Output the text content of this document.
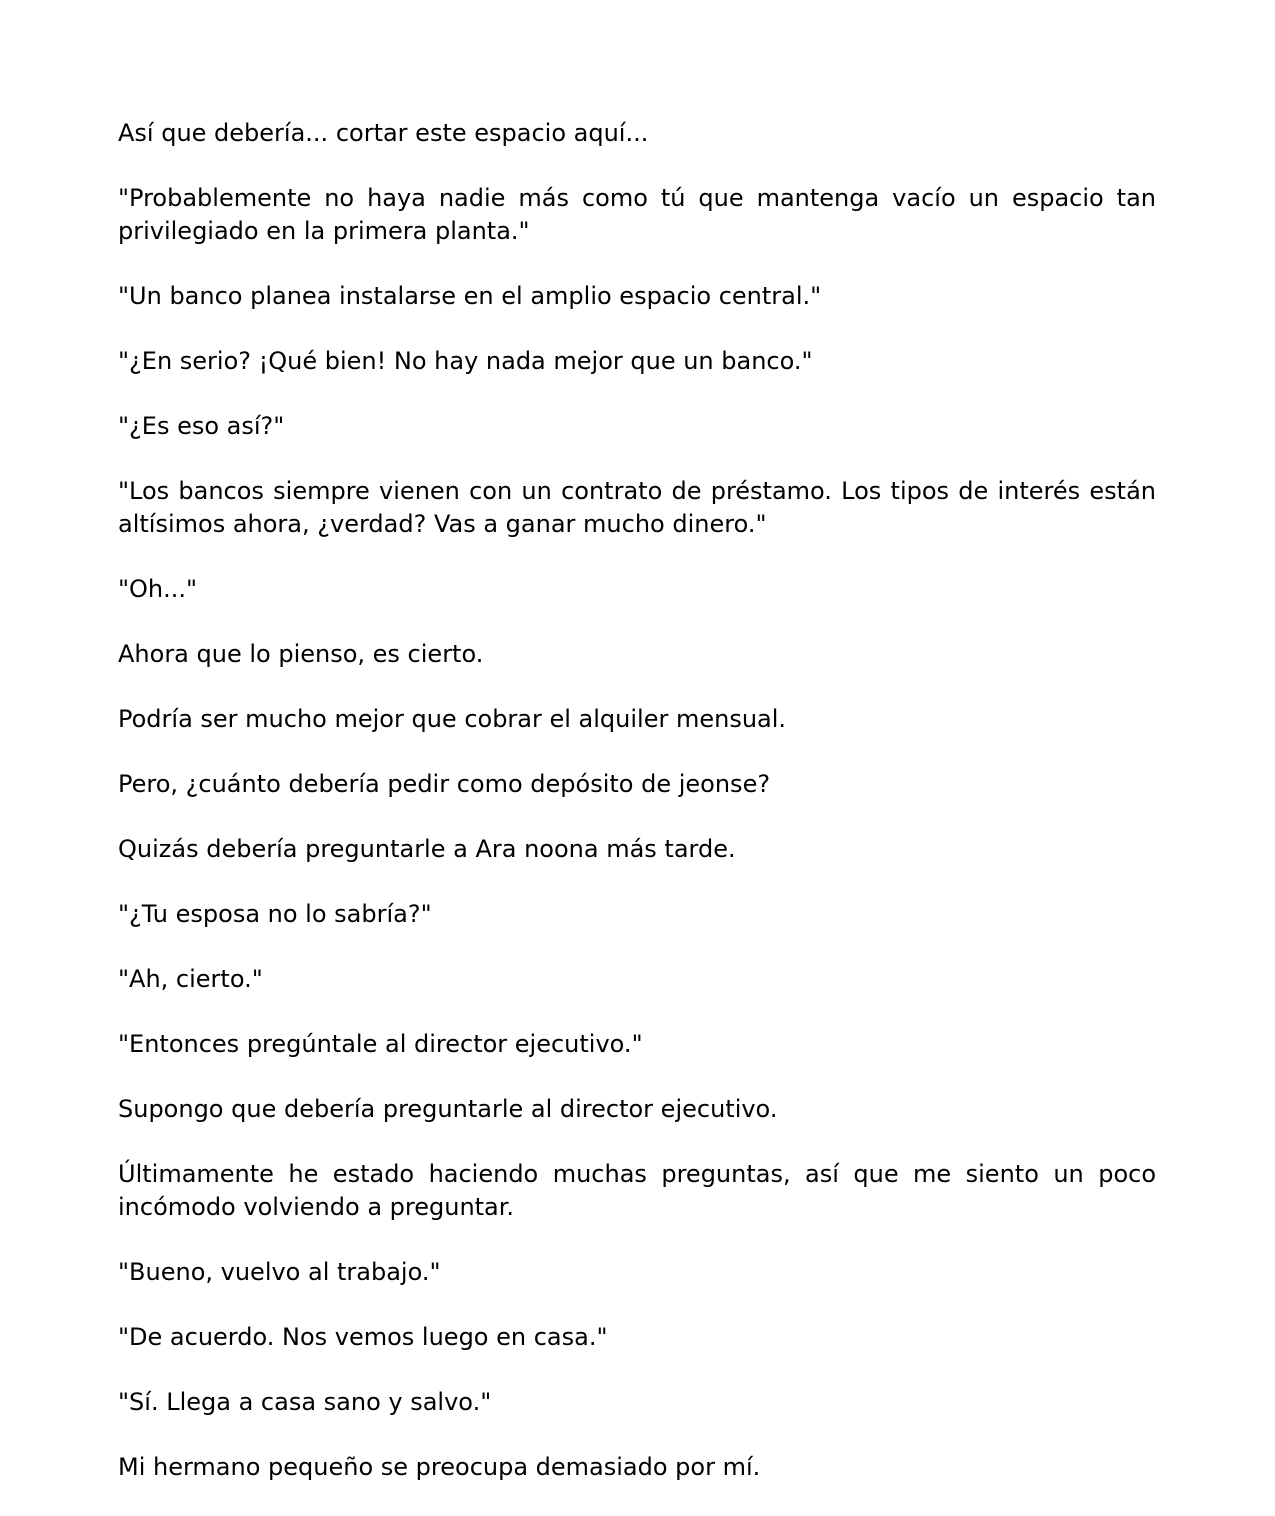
Así que debería... cortar este espacio aquí...

"Probablemente no haya nadie más como tú que mantenga vacío un espacio tan privilegiado en la primera planta."

"Un banco planea instalarse en el amplio espacio central."

"¿En serio? ¡Qué bien! No hay nada mejor que un banco."

"¿Es eso así?"

"Los bancos siempre vienen con un contrato de préstamo. Los tipos de interés están altísimos ahora, ¿verdad? Vas a ganar mucho dinero."

"Oh..."

Ahora que lo pienso, es cierto.

Podría ser mucho mejor que cobrar el alquiler mensual.

Pero, ¿cuánto debería pedir como depósito de jeonse?

Quizás debería preguntarle a Ara noona más tarde.

"¿Tu esposa no lo sabría?"

"Ah, cierto."

"Entonces pregúntale al director ejecutivo."

Supongo que debería preguntarle al director ejecutivo.

Últimamente he estado haciendo muchas preguntas, así que me siento un poco incómodo volviendo a preguntar.

"Bueno, vuelvo al trabajo."

"De acuerdo. Nos vemos luego en casa."

"Sí. Llega a casa sano y salvo."

Mi hermano pequeño se preocupa demasiado por mí.
